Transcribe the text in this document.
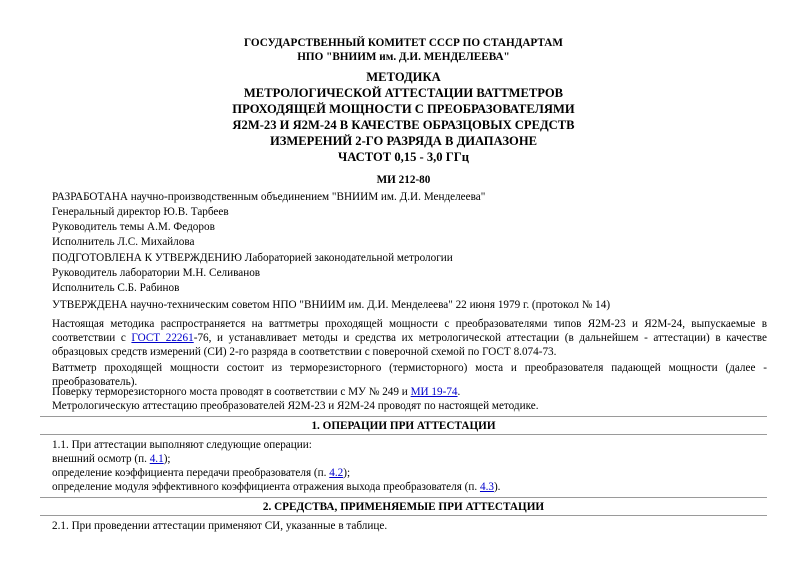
ГОСУДАРСТВЕННЫЙ КОМИТЕТ СССР ПО СТАНДАРТАМ
НПО "ВНИИМ им. Д.И. МЕНДЕЛЕЕВА"
МЕТОДИКА
МЕТРОЛОГИЧЕСКОЙ АТТЕСТАЦИИ ВАТТМЕТРОВ
ПРОХОДЯЩЕЙ МОЩНОСТИ С ПРЕОБРАЗОВАТЕЛЯМИ
Я2М-23 И Я2М-24 В КАЧЕСТВЕ ОБРАЗЦОВЫХ СРЕДСТВ
ИЗМЕРЕНИЙ 2-ГО РАЗРЯДА В ДИАПАЗОНЕ
ЧАСТОТ 0,15 - 3,0 ГГц
МИ 212-80
РАЗРАБОТАНА научно-производственным объединением "ВНИИМ им. Д.И. Менделеева"
Генеральный директор Ю.В. Тарбеев
Руководитель темы А.М. Федоров
Исполнитель Л.С. Михайлова
ПОДГОТОВЛЕНА К УТВЕРЖДЕНИЮ Лабораторией законодательной метрологии
Руководитель лаборатории М.Н. Селиванов
Исполнитель С.Б. Рабинов
УТВЕРЖДЕНА научно-техническим советом НПО "ВНИИМ им. Д.И. Менделеева" 22 июня 1979 г. (протокол № 14)
Настоящая методика распространяется на ваттметры проходящей мощности с преобразователями типов Я2М-23 и Я2М-24, выпускаемые в соответствии с ГОСТ 22261-76, и устанавливает методы и средства их метрологической аттестации (в дальнейшем - аттестации) в качестве образцовых средств измерений (СИ) 2-го разряда в соответствии с поверочной схемой по ГОСТ 8.074-73.
Ваттметр проходящей мощности состоит из терморезисторного (термисторного) моста и преобразователя падающей мощности (далее - преобразователь).
Поверку терморезисторного моста проводят в соответствии с МУ № 249 и МИ 19-74.
Метрологическую аттестацию преобразователей Я2М-23 и Я2М-24 проводят по настоящей методике.
1. ОПЕРАЦИИ ПРИ АТТЕСТАЦИИ
1.1. При аттестации выполняют следующие операции:
внешний осмотр (п. 4.1);
определение коэффициента передачи преобразователя (п. 4.2);
определение модуля эффективного коэффициента отражения выхода преобразователя (п. 4.3).
2. СРЕДСТВА, ПРИМЕНЯЕМЫЕ ПРИ АТТЕСТАЦИИ
2.1. При проведении аттестации применяют СИ, указанные в таблице.
